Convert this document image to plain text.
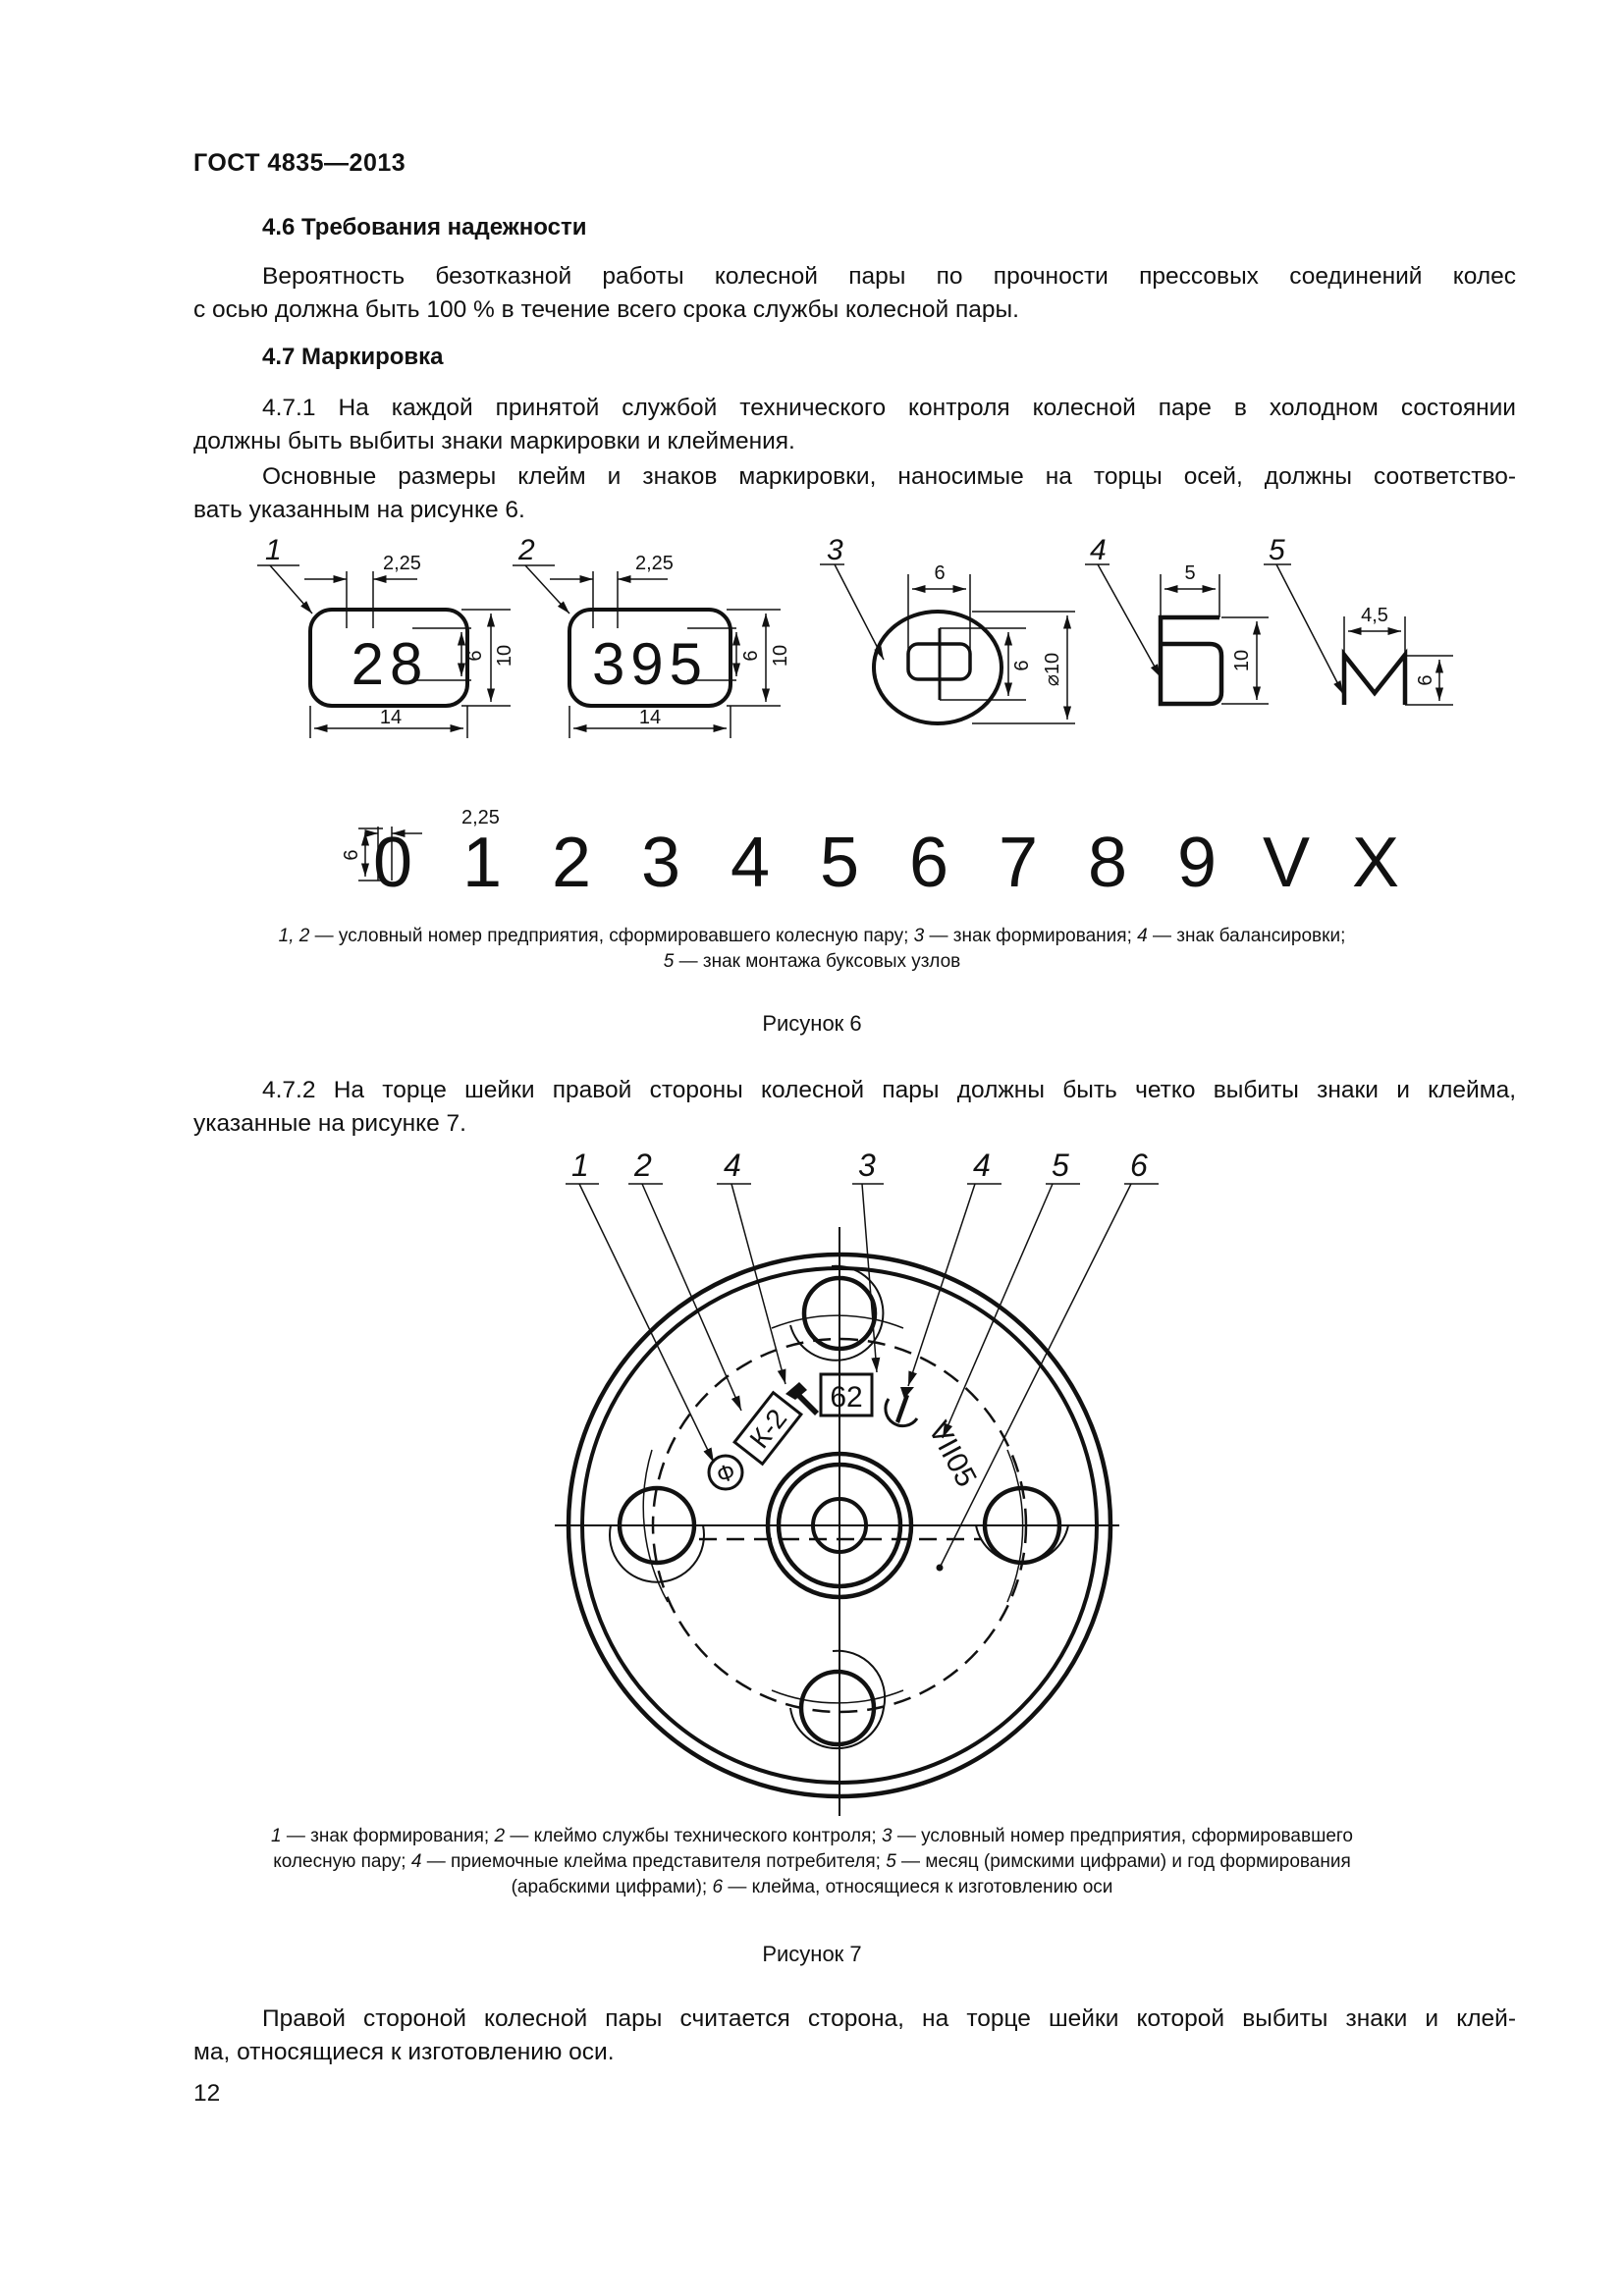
ГОСТ 4835—2013
4.6 Требования надежности
Вероятность безотказной работы колесной пары по прочности прессовых соединений колес
с осью должна быть 100 % в течение всего срока службы колесной пары.
4.7 Маркировка
4.7.1 На каждой принятой службой технического контроля колесной паре в холодном состоянии
должны быть выбиты знаки маркировки и клеймения.
Основные размеры клейм и знаков маркировки, наносимые на торцы осей, должны соответство-
вать указанным на рисунке 6.
1	2	3	4	5
2,25	2,25
14	14
6	5
4,5
2,25
6 10	6 10	6 ⌀10	10
6
6
28	395
0 1 2 3 4 5 6 7 8 9 V X
1, 2 — условный номер предприятия, сформировавшего колесную пару; 3 — знак формирования; 4 — знак балансировки;
5 — знак монтажа буксовых узлов
Рисунок 6
4.7.2 На торце шейки правой стороны колесной пары должны быть четко выбиты знаки и клейма,
указанные на рисунке 7.
1 2 4	3	4 5 6
Ф
К-2
62
VII05
1 — знак формирования; 2 — клеймо службы технического контроля; 3 — условный номер предприятия, сформировавшего
колесную пару; 4 — приемочные клейма представителя потребителя; 5 — месяц (римскими цифрами) и год формирования
(арабскими цифрами); 6 — клейма, относящиеся к изготовлению оси
Рисунок 7
Правой стороной колесной пары считается сторона, на торце шейки которой выбиты знаки и клей-
ма, относящиеся к изготовлению оси.
12
